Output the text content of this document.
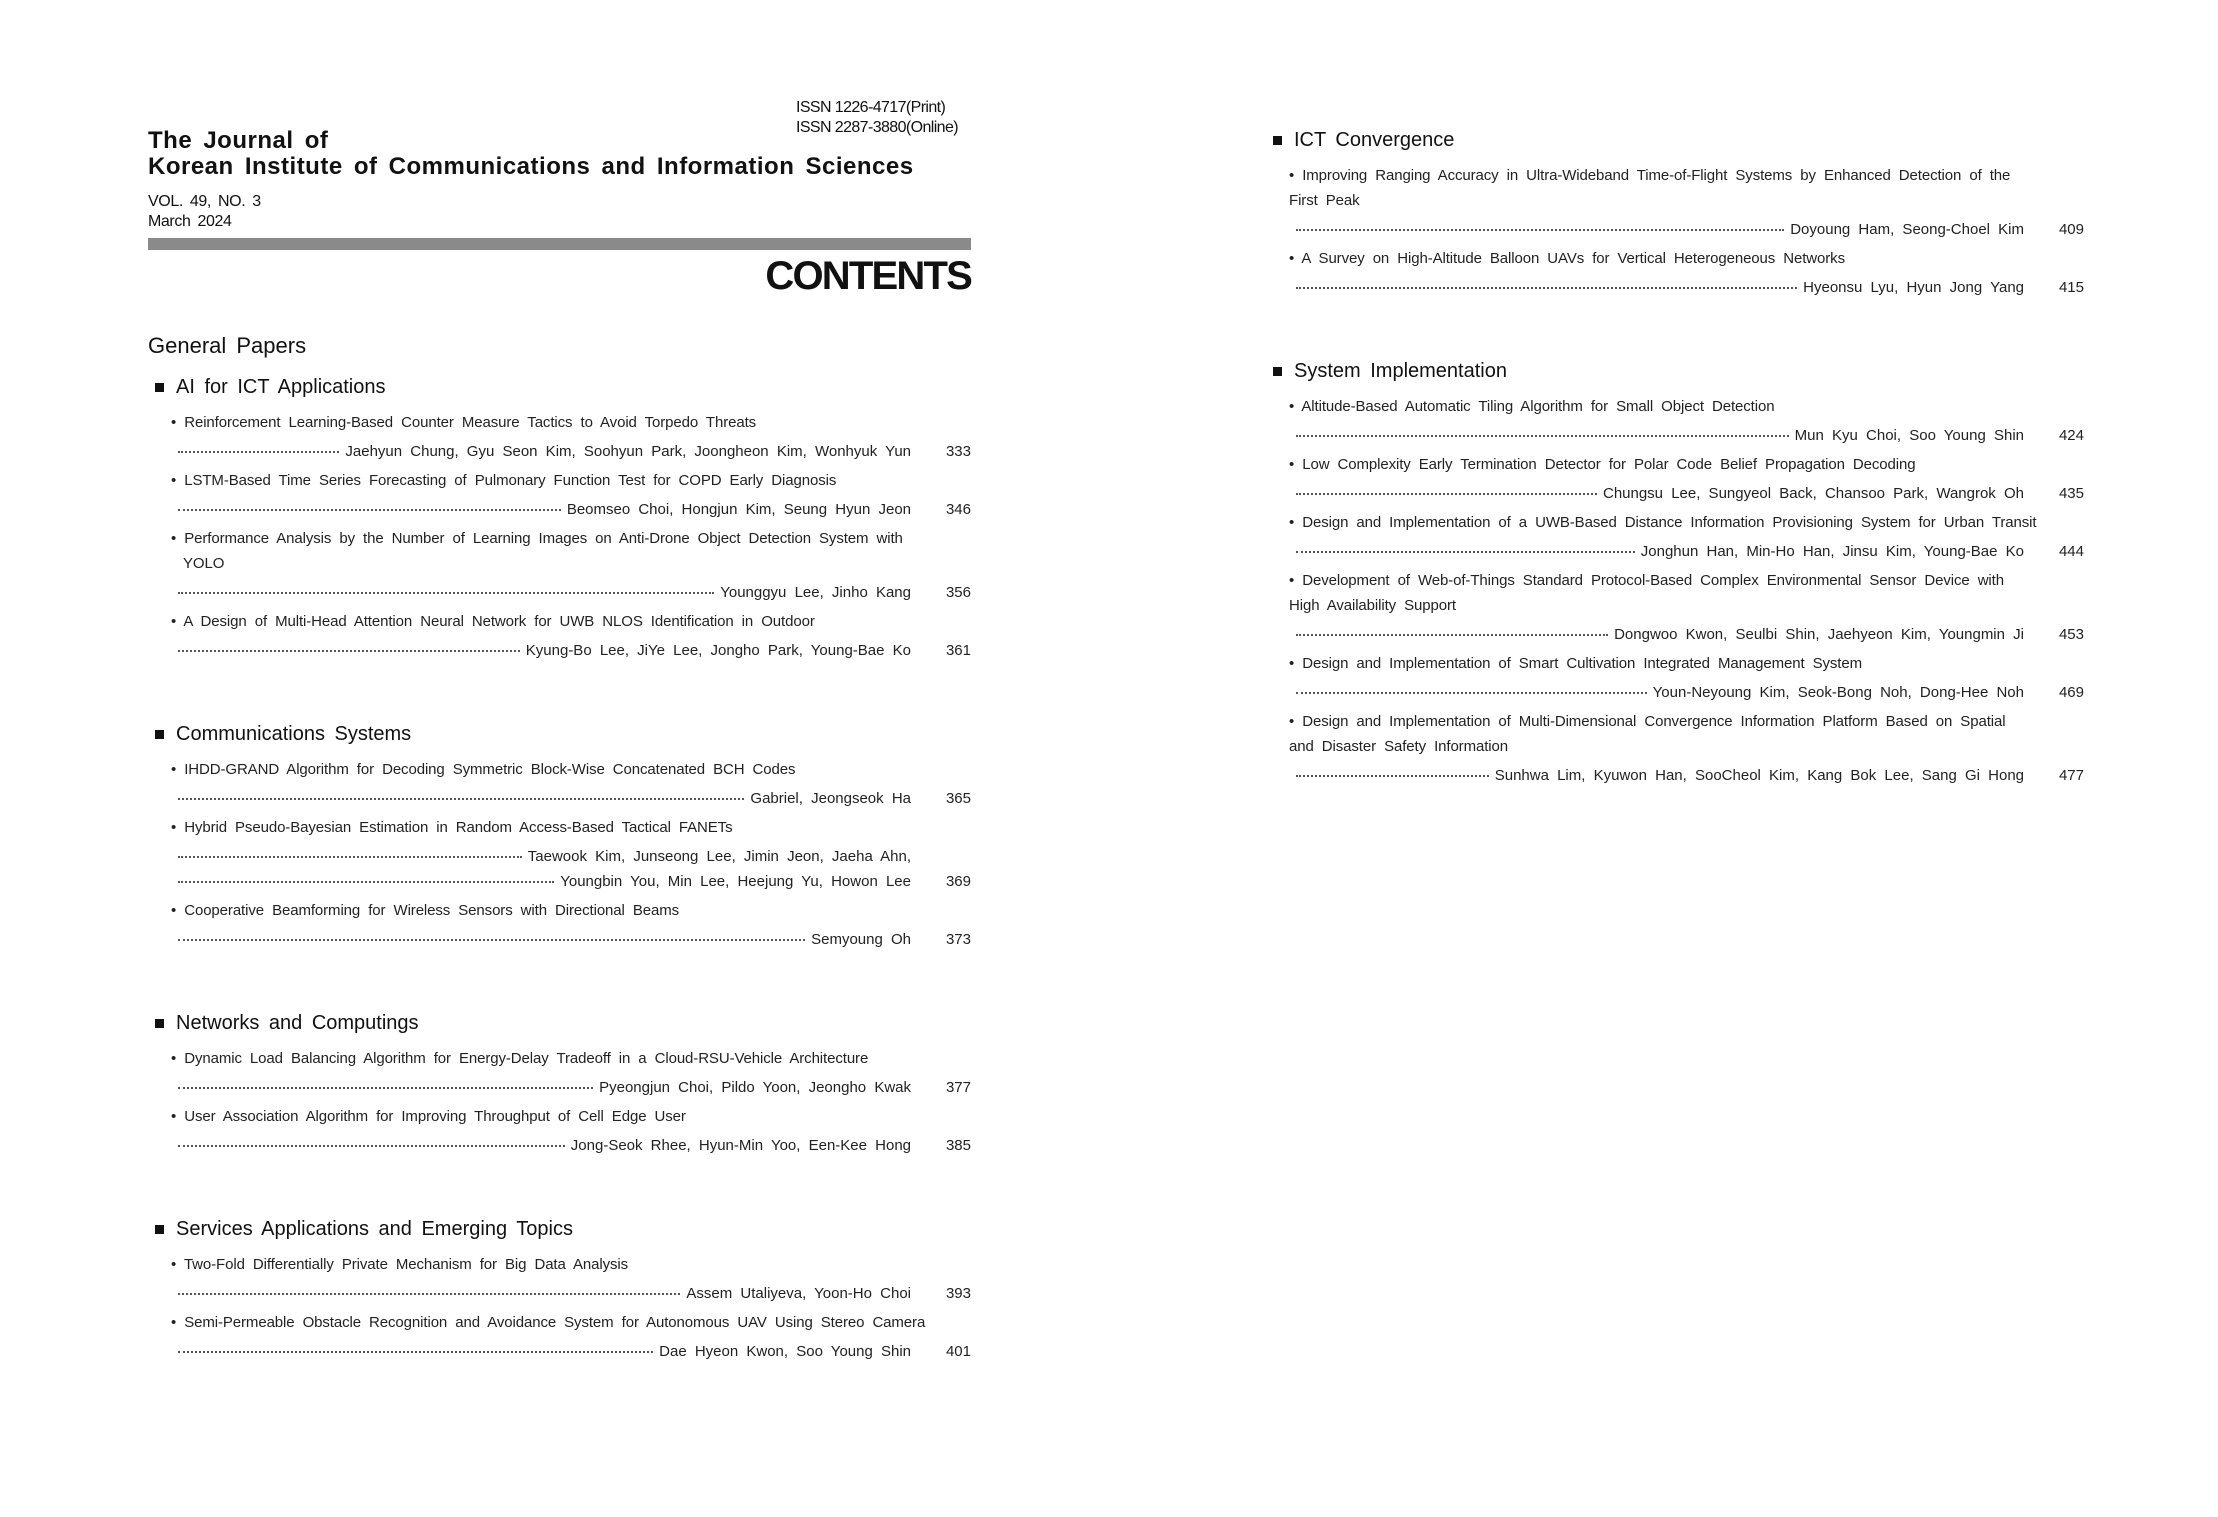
ISSN 1226-4717(Print)
ISSN 2287-3880(Online)
The Journal of
Korean Institute of Communications and Information Sciences
VOL. 49, NO. 3
March 2024
CONTENTS
General Papers
AI for ICT Applications
• Reinforcement Learning-Based Counter Measure Tactics to Avoid Torpedo Threats
Jaehyun Chung, Gyu Seon Kim, Soohyun Park, Joongheon Kim, Wonhyuk Yun	333
• LSTM-Based Time Series Forecasting of Pulmonary Function Test for COPD Early Diagnosis
Beomseo Choi, Hongjun Kim, Seung Hyun Jeon	346
• Performance Analysis by the Number of Learning Images on Anti-Drone Object Detection System with
YOLO
Younggyu Lee, Jinho Kang	356
• A Design of Multi-Head Attention Neural Network for UWB NLOS Identification in Outdoor
Kyung-Bo Lee, JiYe Lee, Jongho Park, Young-Bae Ko	361
Communications Systems
• IHDD-GRAND Algorithm for Decoding Symmetric Block-Wise Concatenated BCH Codes
Gabriel, Jeongseok Ha	365
• Hybrid Pseudo-Bayesian Estimation in Random Access-Based Tactical FANETs
Taewook Kim, Junseong Lee, Jimin Jeon, Jaeha Ahn,
Youngbin You, Min Lee, Heejung Yu, Howon Lee	369
• Cooperative Beamforming for Wireless Sensors with Directional Beams
Semyoung Oh	373
Networks and Computings
• Dynamic Load Balancing Algorithm for Energy-Delay Tradeoff in a Cloud-RSU-Vehicle Architecture
Pyeongjun Choi, Pildo Yoon, Jeongho Kwak	377
• User Association Algorithm for Improving Throughput of Cell Edge User
Jong-Seok Rhee, Hyun-Min Yoo, Een-Kee Hong	385
Services Applications and Emerging Topics
• Two-Fold Differentially Private Mechanism for Big Data Analysis
Assem Utaliyeva, Yoon-Ho Choi	393
• Semi-Permeable Obstacle Recognition and Avoidance System for Autonomous UAV Using Stereo Camera
Dae Hyeon Kwon, Soo Young Shin	401
ICT Convergence
• Improving Ranging Accuracy in Ultra-Wideband Time-of-Flight Systems by Enhanced Detection of the
First Peak
Doyoung Ham, Seong-Choel Kim	409
• A Survey on High-Altitude Balloon UAVs for Vertical Heterogeneous Networks
Hyeonsu Lyu, Hyun Jong Yang	415
System Implementation
• Altitude-Based Automatic Tiling Algorithm for Small Object Detection
Mun Kyu Choi, Soo Young Shin	424
• Low Complexity Early Termination Detector for Polar Code Belief Propagation Decoding
Chungsu Lee, Sungyeol Back, Chansoo Park, Wangrok Oh	435
• Design and Implementation of a UWB-Based Distance Information Provisioning System for Urban Transit
Jonghun Han, Min-Ho Han, Jinsu Kim, Young-Bae Ko	444
• Development of Web-of-Things Standard Protocol-Based Complex Environmental Sensor Device with
High Availability Support
Dongwoo Kwon, Seulbi Shin, Jaehyeon Kim, Youngmin Ji	453
• Design and Implementation of Smart Cultivation Integrated Management System
Youn-Neyoung Kim, Seok-Bong Noh, Dong-Hee Noh	469
• Design and Implementation of Multi-Dimensional Convergence Information Platform Based on Spatial
and Disaster Safety Information
Sunhwa Lim, Kyuwon Han, SooCheol Kim, Kang Bok Lee, Sang Gi Hong	477
